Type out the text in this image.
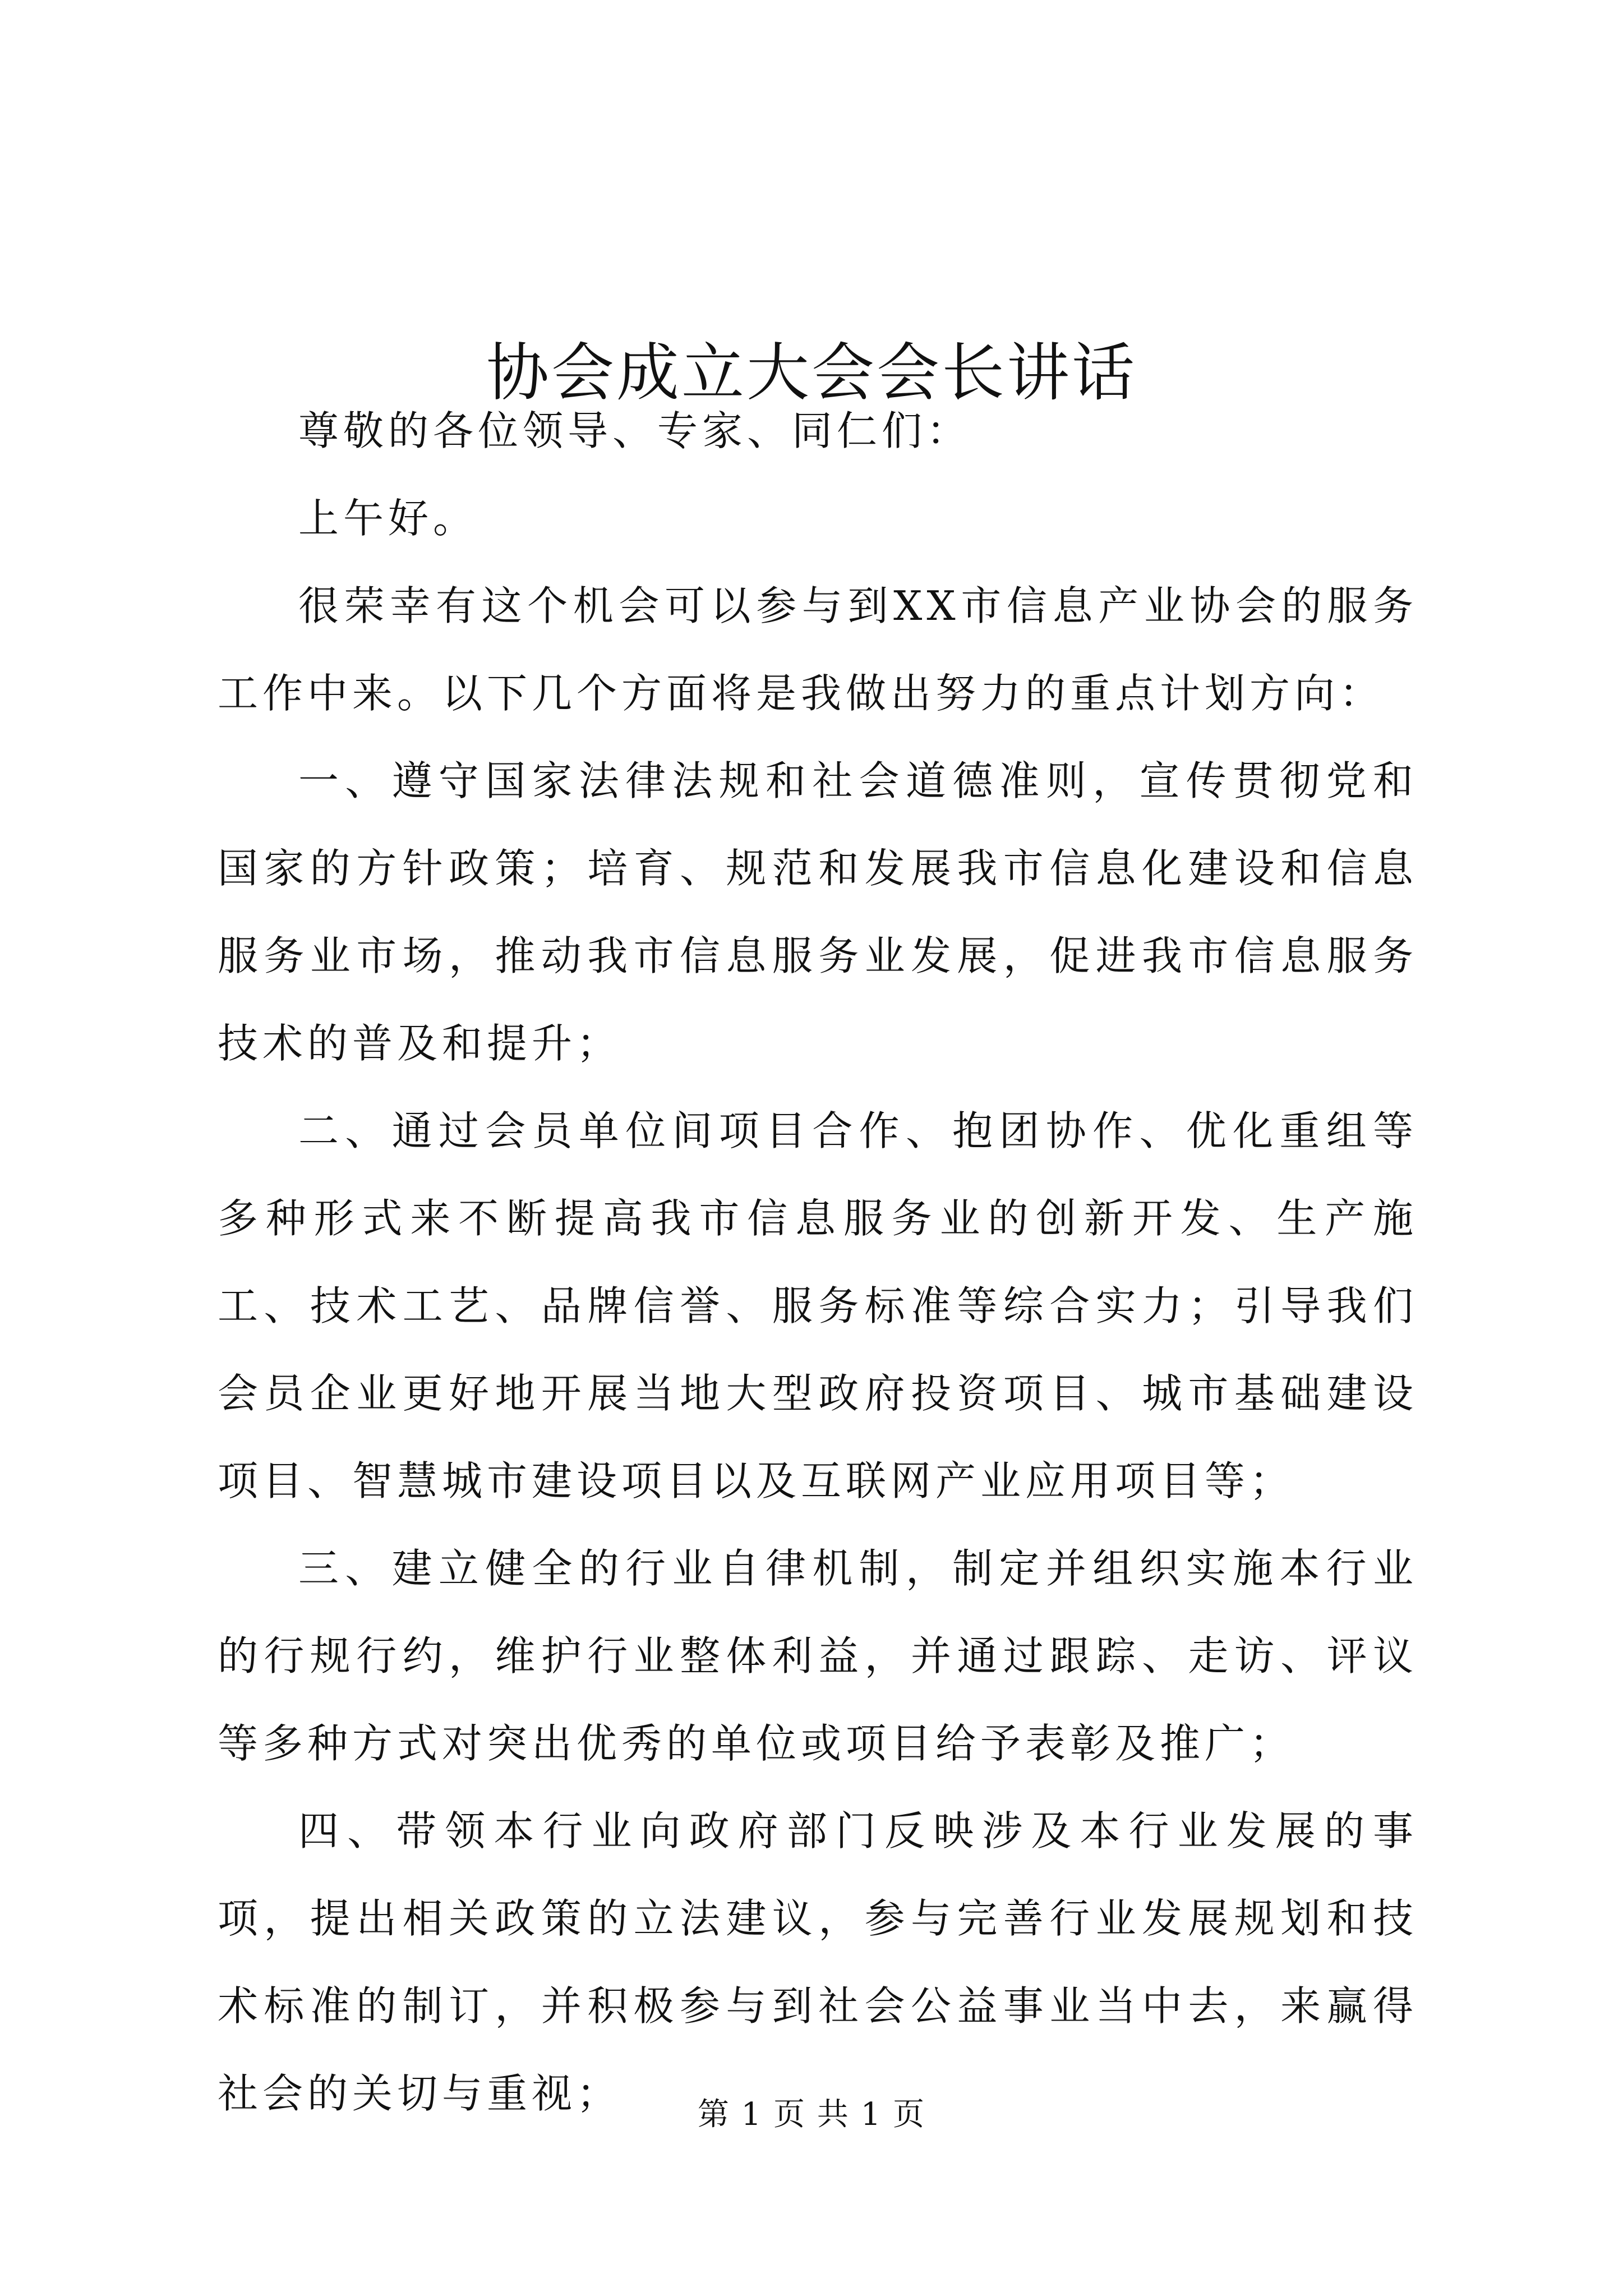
协会成立大会会长讲话

尊敬的各位领导、专家、同仁们：

上午好。

很荣幸有这个机会可以参与到XX市信息产业协会的服务工作中来。以下几个方面将是我做出努力的重点计划方向：

一、遵守国家法律法规和社会道德准则，宣传贯彻党和国家的方针政策；培育、规范和发展我市信息化建设和信息服务业市场，推动我市信息服务业发展，促进我市信息服务技术的普及和提升；

二、通过会员单位间项目合作、抱团协作、优化重组等多种形式来不断提高我市信息服务业的创新开发、生产施工、技术工艺、品牌信誉、服务标准等综合实力；引导我们会员企业更好地开展当地大型政府投资项目、城市基础建设项目、智慧城市建设项目以及互联网产业应用项目等；

三、建立健全的行业自律机制，制定并组织实施本行业的行规行约，维护行业整体利益，并通过跟踪、走访、评议等多种方式对突出优秀的单位或项目给予表彰及推广；

四、带领本行业向政府部门反映涉及本行业发展的事项，提出相关政策的立法建议，参与完善行业发展规划和技术标准的制订，并积极参与到社会公益事业当中去，来赢得社会的关切与重视；	第 1 页 共 1 页
